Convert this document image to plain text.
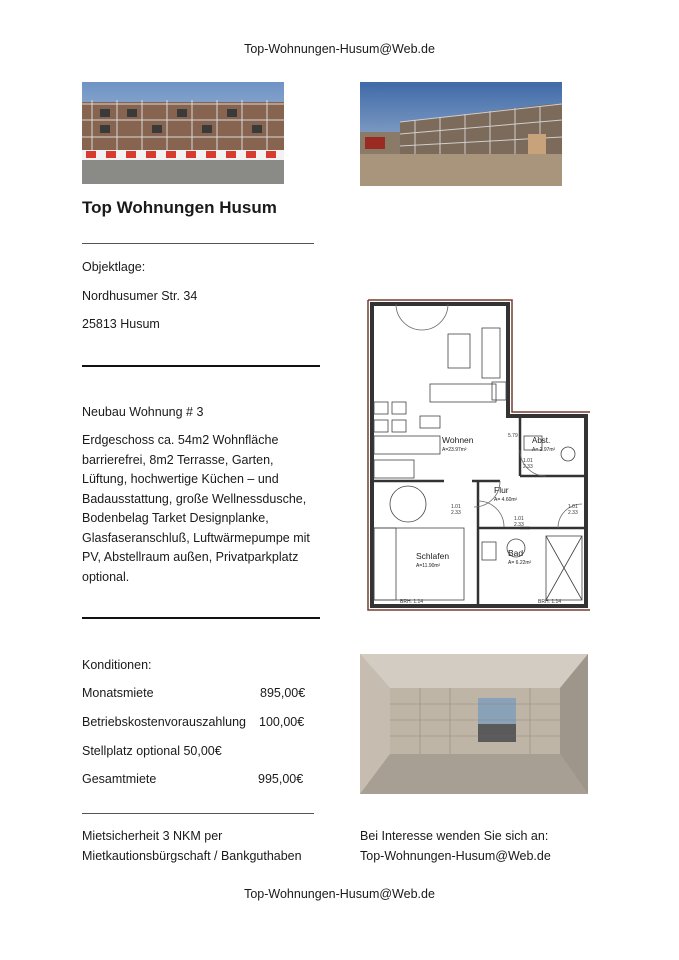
Top-Wohnungen-Husum@Web.de
Top Wohnungen Husum
Objektlage:
Nordhusumer Str. 34
25813 Husum
Neubau Wohnung # 3
Erdgeschoss ca. 54m2 Wohnfläche barrierefrei, 8m2 Terrasse, Garten, Lüftung, hochwertige Küchen – und Badausstattung, große Wellnessdusche, Bodenbelag Tarket Designplanke, Glasfaseranschluß, Luftwärmepumpe mit PV, Abstellraum außen, Privatparkplatz optional.
Wohnen
A=23.97m²
Abst.
A= 2.97m²
Flur
A= 4.60m²
Schlafen
A=11.90m²
Bad
A= 6.22m²
1.01
2.33
1.01
2.33
1.01
2.33
1.01
2.33
5.79
BRH. 1.14	BRH. 1.14
Konditionen:
Monatsmiete	895,00€
Betriebskostenvorauszahlung 100,00€
Stellplatz optional 50,00€
Gesamtmiete	995,00€
Mietsicherheit 3 NKM per
Mietkautionsbürgschaft / Bankguthaben
Bei Interesse wenden Sie sich an:
Top-Wohnungen-Husum@Web.de
Top-Wohnungen-Husum@Web.de
